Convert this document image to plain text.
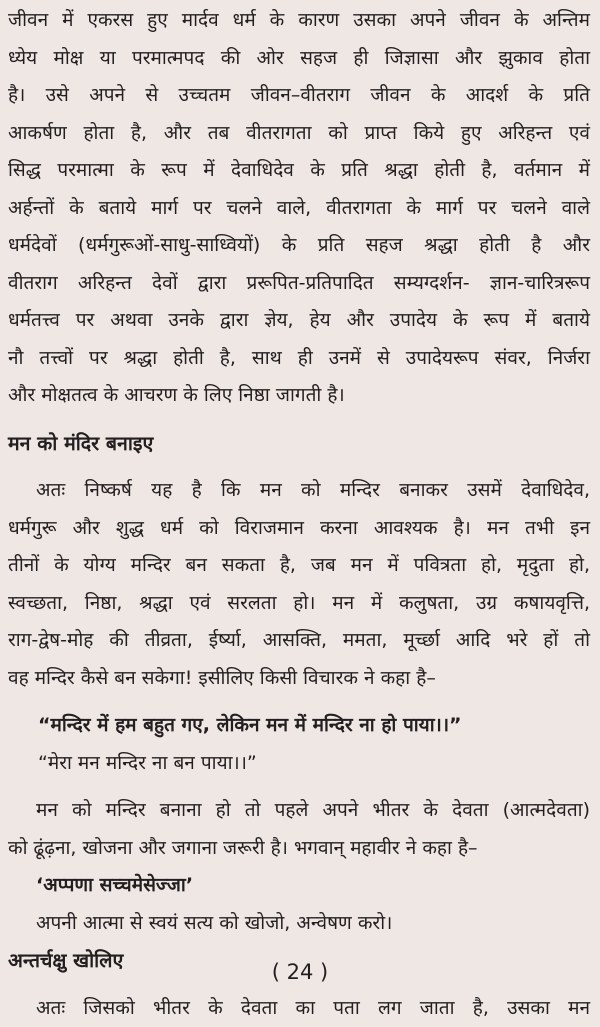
जीवन में एकरस हुए मार्दव धर्म के कारण उसका अपने जीवन के अन्तिम

ध्येय मोक्ष या परमात्मपद की ओर सहज ही जिज्ञासा और झुकाव होता

है। उसे अपने से उच्चतम जीवन–वीतराग जीवन के आदर्श के प्रति

आकर्षण होता है, और तब वीतरागता को प्राप्त किये हुए अरिहन्त एवं

सिद्ध परमात्मा के रूप में देवाधिदेव के प्रति श्रद्धा होती है, वर्तमान में

अर्हन्तों के बताये मार्ग पर चलने वाले, वीतरागता के मार्ग पर चलने वाले

धर्मदेवों (धर्मगुरूओं-साधु-साध्वियों) के प्रति सहज श्रद्धा होती है और

वीतराग अरिहन्त देवों द्वारा प्ररूपित-प्रतिपादित सम्यग्दर्शन- ज्ञान-चारित्ररूप

धर्मतत्त्व पर अथवा उनके द्वारा ज्ञेय, हेय और उपादेय के रूप में बताये

नौ तत्त्वों पर श्रद्धा होती है, साथ ही उनमें से उपादेयरूप संवर, निर्जरा

और मोक्षतत्व के आचरण के लिए निष्ठा जागती है।

मन को मंदिर बनाइए

अतः निष्कर्ष यह है कि मन को मन्दिर बनाकर उसमें देवाधिदेव,

धर्मगुरू और शुद्ध धर्म को विराजमान करना आवश्यक है। मन तभी इन

तीनों के योग्य मन्दिर बन सकता है, जब मन में पवित्रता हो, मृदुता हो,

स्वच्छता, निष्ठा, श्रद्धा एवं सरलता हो। मन में कलुषता, उग्र कषायवृत्ति,

राग-द्वेष-मोह की तीव्रता, ईर्ष्या, आसक्ति, ममता, मूर्च्छा आदि भरे हों तो

वह मन्दिर कैसे बन सकेगा! इसीलिए किसी विचारक ने कहा है–

“मन्दिर में हम बहुत गए, लेकिन मन में मन्दिर ना हो पाया।।”
“मेरा मन मन्दिर ना बन पाया।।”

मन को मन्दिर बनाना हो तो पहले अपने भीतर के देवता (आत्मदेवता)

को ढूंढ़ना, खोजना और जगाना जरूरी है। भगवान् महावीर ने कहा है–

‘अप्पणा सच्चमेसेज्जा’
अपनी आत्मा से स्वयं सत्य को खोजो, अन्वेषण करो।
अन्तर्चक्षु खोलिए

अतः जिसको भीतर के देवता का पता लग जाता है, उसका मन

( 24 )
